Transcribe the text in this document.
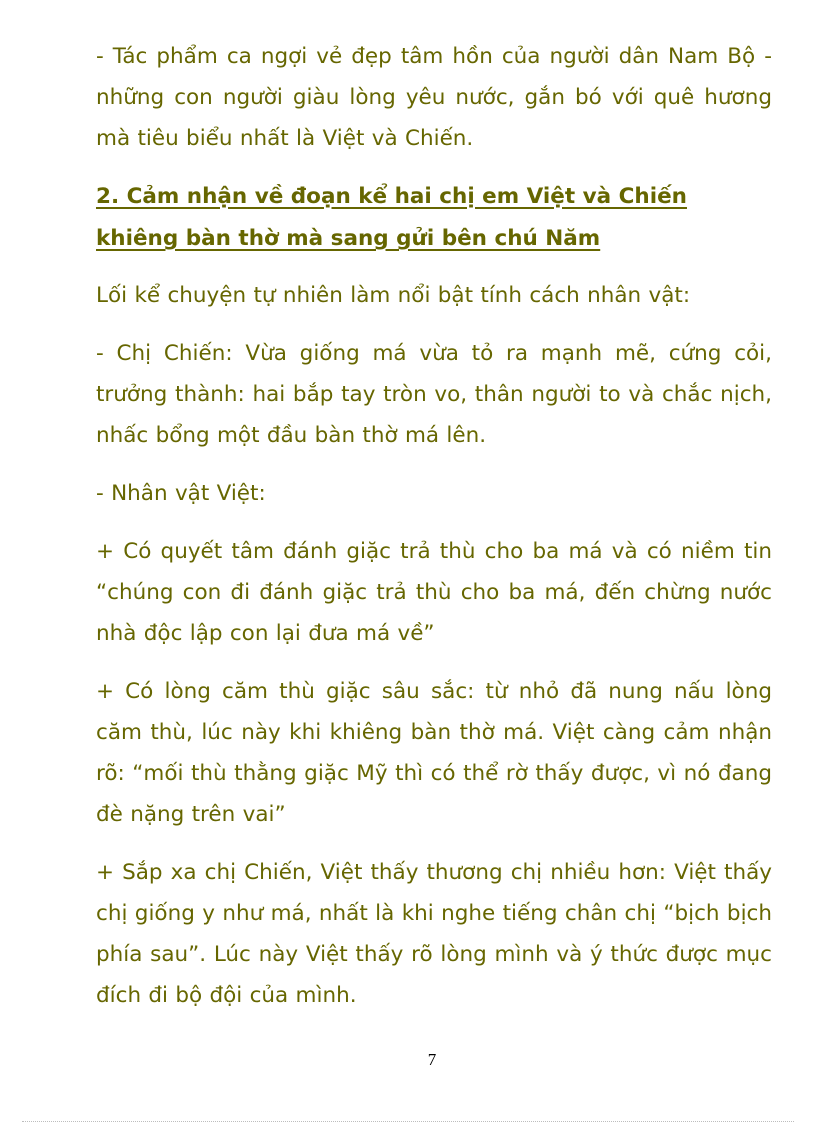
- Tác phẩm ca ngợi vẻ đẹp tâm hồn của người dân Nam Bộ - những con người giàu lòng yêu nước, gắn bó với quê hương mà tiêu biểu nhất là Việt và Chiến.

2. Cảm nhận về đoạn kể hai chị em Việt và Chiến khiêng bàn thờ mà sang gửi bên chú Năm

Lối kể chuyện tự nhiên làm nổi bật tính cách nhân vật:

- Chị Chiến: Vừa giống má vừa tỏ ra mạnh mẽ, cứng cỏi, trưởng thành: hai bắp tay tròn vo, thân người to và chắc nịch, nhấc bổng một đầu bàn thờ má lên.

- Nhân vật Việt:

+ Có quyết tâm đánh giặc trả thù cho ba má và có niềm tin “chúng con đi đánh giặc trả thù cho ba má, đến chừng nước nhà độc lập con lại đưa má về”

+ Có lòng căm thù giặc sâu sắc: từ nhỏ đã nung nấu lòng căm thù, lúc này khi khiêng bàn thờ má. Việt càng cảm nhận rõ: “mối thù thằng giặc Mỹ thì có thể rờ thấy được, vì nó đang đè nặng trên vai”

+ Sắp xa chị Chiến, Việt thấy thương chị nhiều hơn: Việt thấy chị giống y như má, nhất là khi nghe tiếng chân chị “bịch bịch phía sau”. Lúc này Việt thấy rõ lòng mình và ý thức được mục đích đi bộ đội của mình.

7
